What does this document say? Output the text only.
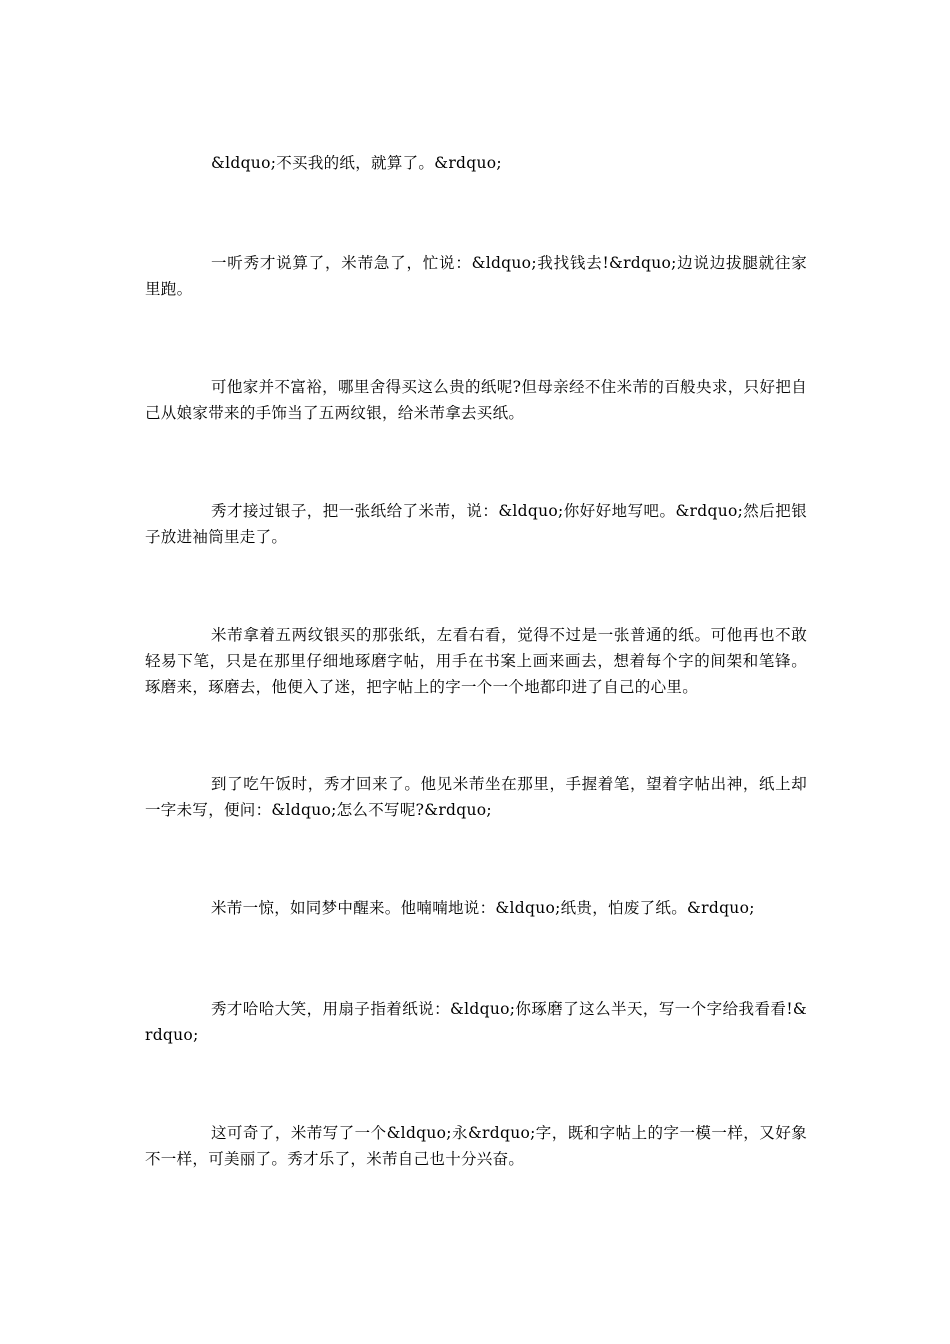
&ldquo;不买我的纸，就算了。&rdquo;

一听秀才说算了，米芾急了，忙说：&ldquo;我找钱去!&rdquo;边说边拔腿就往家里跑。

可他家并不富裕，哪里舍得买这么贵的纸呢?但母亲经不住米芾的百般央求，只好把自己从娘家带来的手饰当了五两纹银，给米芾拿去买纸。

秀才接过银子，把一张纸给了米芾，说：&ldquo;你好好地写吧。&rdquo;然后把银子放进袖筒里走了。

米芾拿着五两纹银买的那张纸，左看右看，觉得不过是一张普通的纸。可他再也不敢轻易下笔，只是在那里仔细地琢磨字帖，用手在书案上画来画去，想着每个字的间架和笔锋。琢磨来，琢磨去，他便入了迷，把字帖上的字一个一个地都印进了自己的心里。

到了吃午饭时，秀才回来了。他见米芾坐在那里，手握着笔，望着字帖出神，纸上却一字未写，便问：&ldquo;怎么不写呢?&rdquo;

米芾一惊，如同梦中醒来。他喃喃地说：&ldquo;纸贵，怕废了纸。&rdquo;

秀才哈哈大笑，用扇子指着纸说：&ldquo;你琢磨了这么半天，写一个字给我看看!&rdquo;

这可奇了，米芾写了一个&ldquo;永&rdquo;字，既和字帖上的字一模一样，又好象不一样，可美丽了。秀才乐了，米芾自己也十分兴奋。
